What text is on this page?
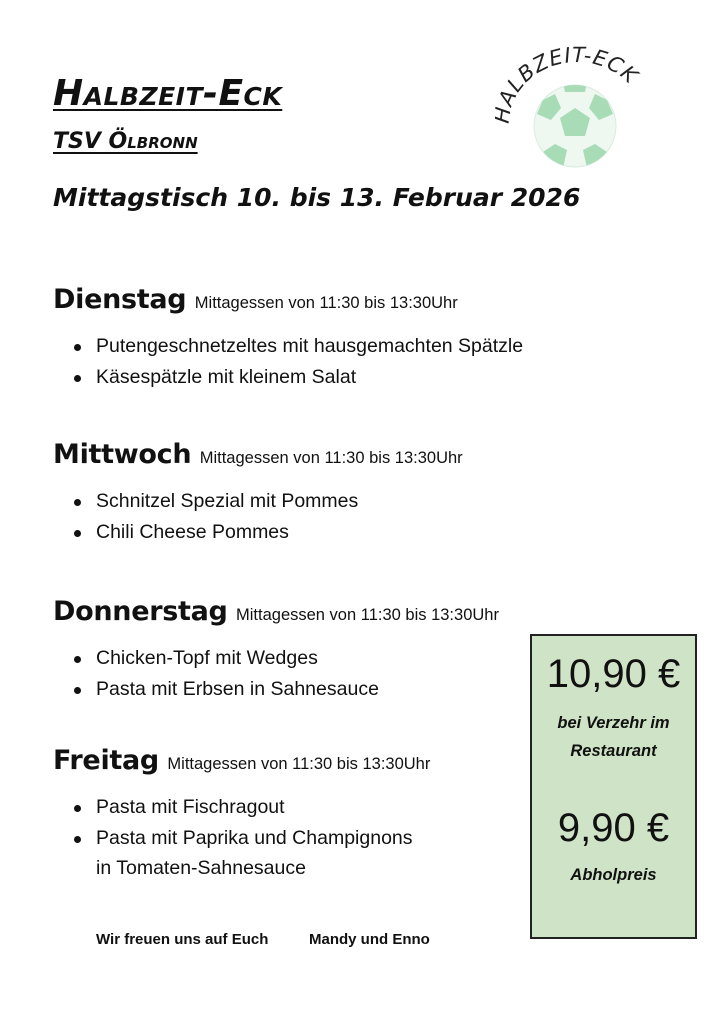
Halbzeit-Eck
TSV Ölbronn
Mittagstisch 10. bis 13. Februar 2026
ALBZEIT-ECK
Dienstag Mittagessen von 11:30 bis 13:30Uhr
Putengeschnetzeltes mit hausgemachten Spätzle
Käsespätzle mit kleinem Salat
Mittwoch Mittagessen von 11:30 bis 13:30Uhr
Schnitzel Spezial mit Pommes
Chili Cheese Pommes
Donnerstag Mittagessen von 11:30 bis 13:30Uhr
Chicken-Topf mit Wedges
Pasta mit Erbsen in Sahnesauce
Freitag Mittagessen von 11:30 bis 13:30Uhr
Pasta mit Fischragout
Pasta mit Paprika und Champignons
in Tomaten-Sahnesauce
10,90 €
bei Verzehr im
Restaurant
9,90 €
Abholpreis
Wir freuen uns auf Euch	Mandy und Enno
